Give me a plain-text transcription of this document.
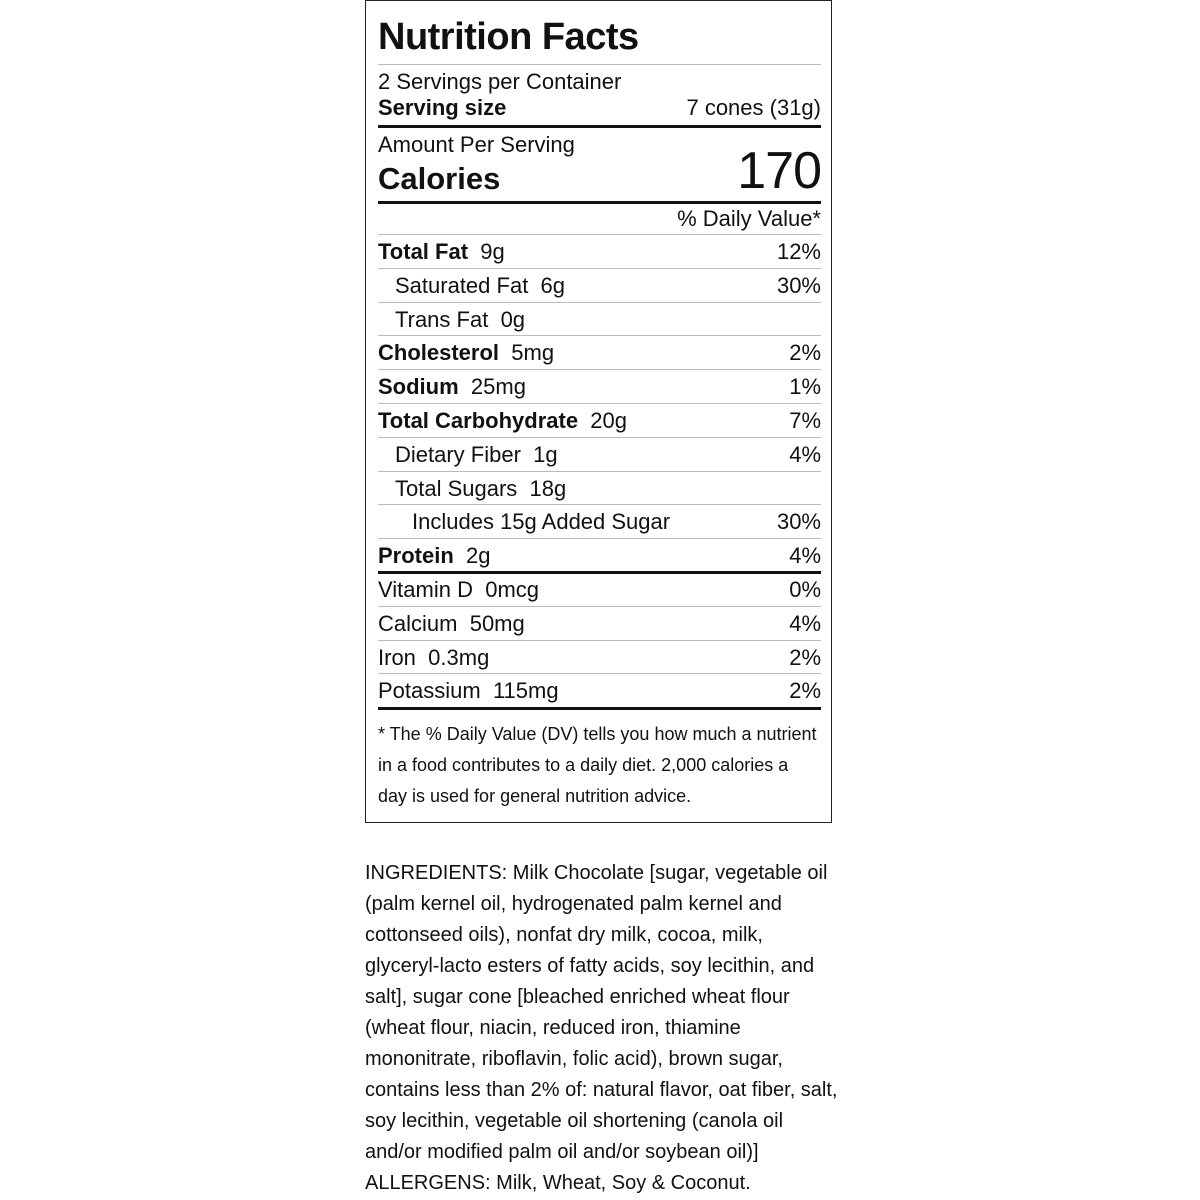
Nutrition Facts
2 Servings per Container
Serving size	7 cones (31g)
Amount Per Serving
Calories	170
% Daily Value*
* The % Daily Value (DV) tells you how much a nutrient in a food contributes to a daily diet. 2,000 calories a day is used for general nutrition advice.
Total Fat 9g	12%
Saturated Fat 6g	30%
Trans Fat 0g
Cholesterol 5mg	2%
Sodium 25mg	1%
Total Carbohydrate 20g	7%
Dietary Fiber 1g	4%
Total Sugars 18g
Includes 15g Added Sugar	30%
Protein 2g	4%
Vitamin D 0mcg	0%
Calcium 50mg	4%
Iron 0.3mg	2%
Potassium 115mg	2%
INGREDIENTS: Milk Chocolate [sugar, vegetable oil (palm kernel oil, hydrogenated palm kernel and cottonseed oils), nonfat dry milk, cocoa, milk, glyceryl-lacto esters of fatty acids, soy lecithin, and salt], sugar cone [bleached enriched wheat flour (wheat flour, niacin, reduced iron, thiamine mononitrate, riboflavin, folic acid), brown sugar, contains less than 2% of: natural flavor, oat fiber, salt, soy lecithin, vegetable oil shortening (canola oil and/or modified palm oil and/or soybean oil)]
ALLERGENS: Milk, Wheat, Soy & Coconut.
